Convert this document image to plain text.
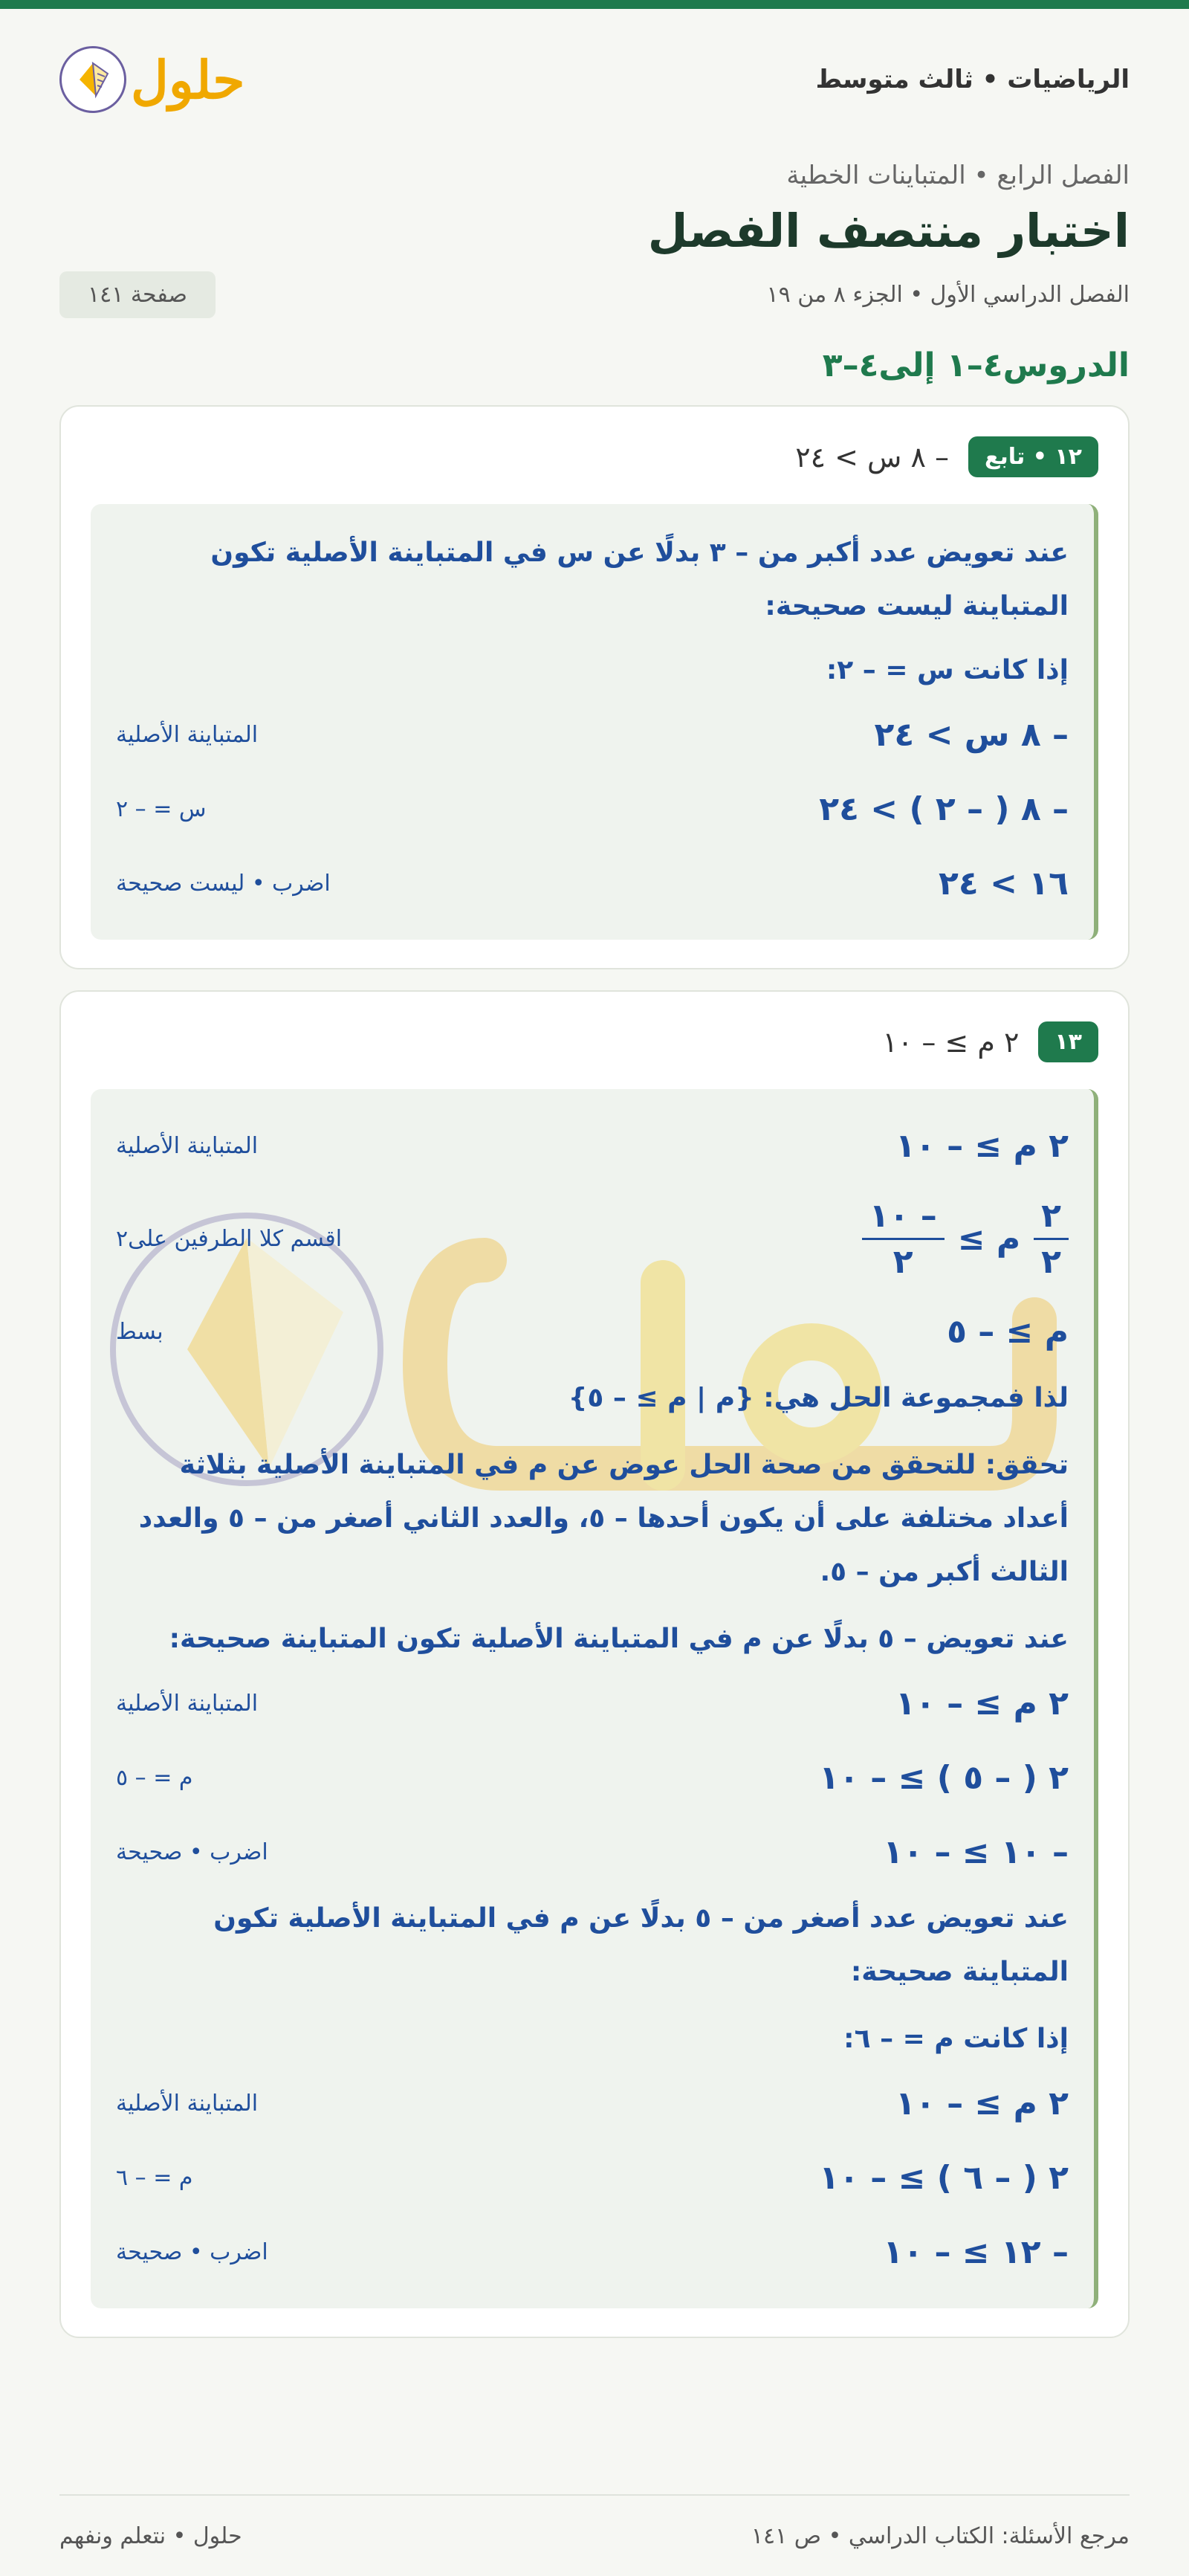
الرياضيات • ثالث متوسط
حلول
الفصل الرابع • المتباينات الخطية
اختبار منتصف الفصل
الفصل الدراسي الأول • الجزء ٨ من ١٩
صفحة ١٤١
الدروس٤–١ إلى٤–٣
١٢ • تابع
– ٨ س > ٢٤
عند تعويض عدد أكبر من – ٣ بدلًا عن س في المتباينة الأصلية تكون المتباينة ليست صحيحة:
إذا كانت س = – ٢:
– ٨ س > ٢٤
المتباينة الأصلية
– ٨ ( – ٢ ) > ٢٤
س = – ٢
١٦ > ٢٤
اضرب • ليست صحيحة
١٣
٢ م ≥ – ١٠
٢ م ≥ – ١٠
المتباينة الأصلية
$\frac{٢}{٢}$
م ≥
$\frac{- ١٠}{٢}$
اقسم كلا الطرفين على٢
م ≥ – ٥
بسط
لذا فمجموعة الحل هي: {م | م ≥ – ٥}
تحقق: للتحقق من صحة الحل عوض عن م في المتباينة الأصلية بثلاثة أعداد مختلفة على أن يكون أحدها – ٥، والعدد الثاني أصغر من – ٥ والعدد الثالث أكبر من – ٥.
عند تعويض – ٥ بدلًا عن م في المتباينة الأصلية تكون المتباينة صحيحة:
٢ م ≥ – ١٠
المتباينة الأصلية
٢ ( – ٥ ) ≥ – ١٠
م = – ٥
– ١٠ ≥ – ١٠
اضرب • صحيحة
عند تعويض عدد أصغر من – ٥ بدلًا عن م في المتباينة الأصلية تكون المتباينة صحيحة:
إذا كانت م = – ٦:
٢ م ≥ – ١٠
المتباينة الأصلية
٢ ( – ٦ ) ≥ – ١٠
م = – ٦
– ١٢ ≥ – ١٠
اضرب • صحيحة
مرجع الأسئلة: الكتاب الدراسي • ص ١٤١
حلول • نتعلم ونفهم
